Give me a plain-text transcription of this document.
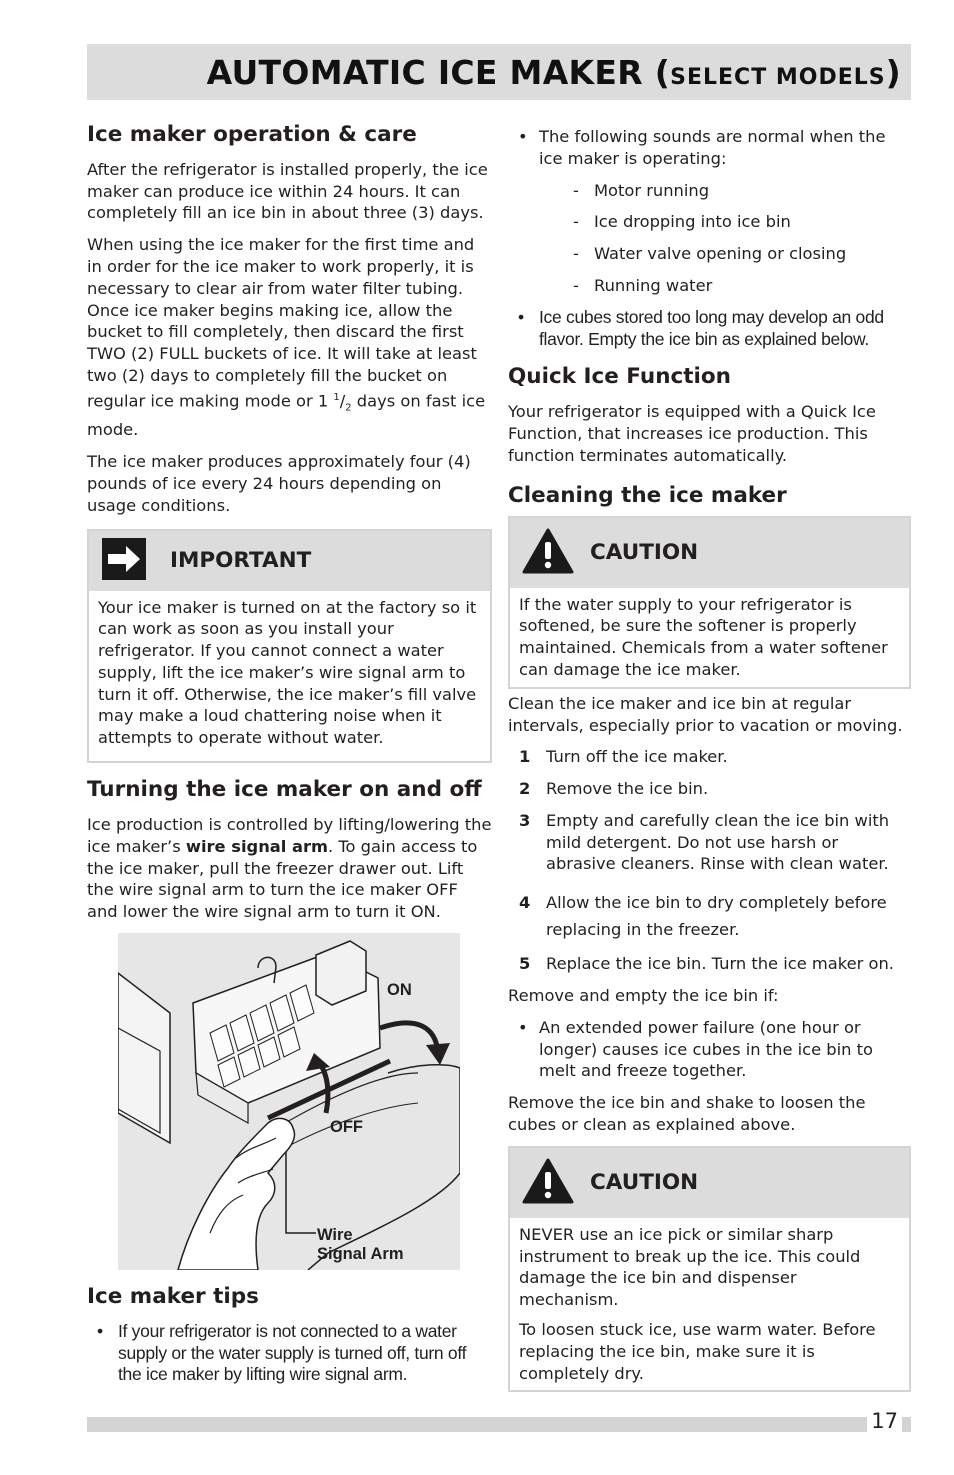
AUTOMATIC ICE MAKER (SELECT MODELS)
Ice maker operation & care

After the refrigerator is installed properly, the ice maker can produce ice within 24 hours. It can completely fill an ice bin in about three (3) days.

When using the ice maker for the first time and in order for the ice maker to work properly, it is necessary to clear air from water filter tubing. Once ice maker begins making ice, allow the bucket to fill completely, then discard the first TWO (2) FULL buckets of ice. It will take at least two (2) days to completely fill the bucket on regular ice making mode or 1 $^1/_2$ days on fast ice mode.

The ice maker produces approximately four (4) pounds of ice every 24 hours depending on usage conditions.

IMPORTANT

Your ice maker is turned on at the factory so it can work as soon as you install your refrigerator. If you cannot connect a water supply, lift the ice maker’s wire signal arm to turn it off. Otherwise, the ice maker’s fill valve may make a loud chattering noise when it attempts to operate without water.

Turning the ice maker on and off

Ice production is controlled by lifting/lowering the ice maker’s wire signal arm. To gain access to the ice maker, pull the freezer drawer out. Lift the wire signal arm to turn the ice maker OFF and lower the wire signal arm to turn it ON.

ON
OFF
Wire
Signal Arm
Ice maker tips
• If your refrigerator is not connected to a water supply or the water supply is turned off, turn off the ice maker by lifting wire signal arm.
• The following sounds are normal when the ice maker is operating:
- Motor running
- Ice dropping into ice bin
- Water valve opening or closing
- Running water
• Ice cubes stored too long may develop an odd flavor. Empty the ice bin as explained below.
Quick Ice Function

Your refrigerator is equipped with a Quick Ice Function, that increases ice production. This function terminates automatically.

Cleaning the ice maker
CAUTION

If the water supply to your refrigerator is softened, be sure the softener is properly maintained. Chemicals from a water softener can damage the ice maker.

Clean the ice maker and ice bin at regular intervals, especially prior to vacation or moving.

1 Turn off the ice maker.
2 Remove the ice bin.
3 Empty and carefully clean the ice bin with mild detergent. Do not use harsh or abrasive cleaners. Rinse with clean water.
4 Allow the ice bin to dry completely before replacing in the freezer.
5 Replace the ice bin. Turn the ice maker on.

Remove and empty the ice bin if:

• An extended power failure (one hour or longer) causes ice cubes in the ice bin to melt and freeze together.

Remove the ice bin and shake to loosen the cubes or clean as explained above.

CAUTION

NEVER use an ice pick or similar sharp instrument to break up the ice. This could damage the ice bin and dispenser mechanism.

To loosen stuck ice, use warm water. Before replacing the ice bin, make sure it is completely dry.

17
